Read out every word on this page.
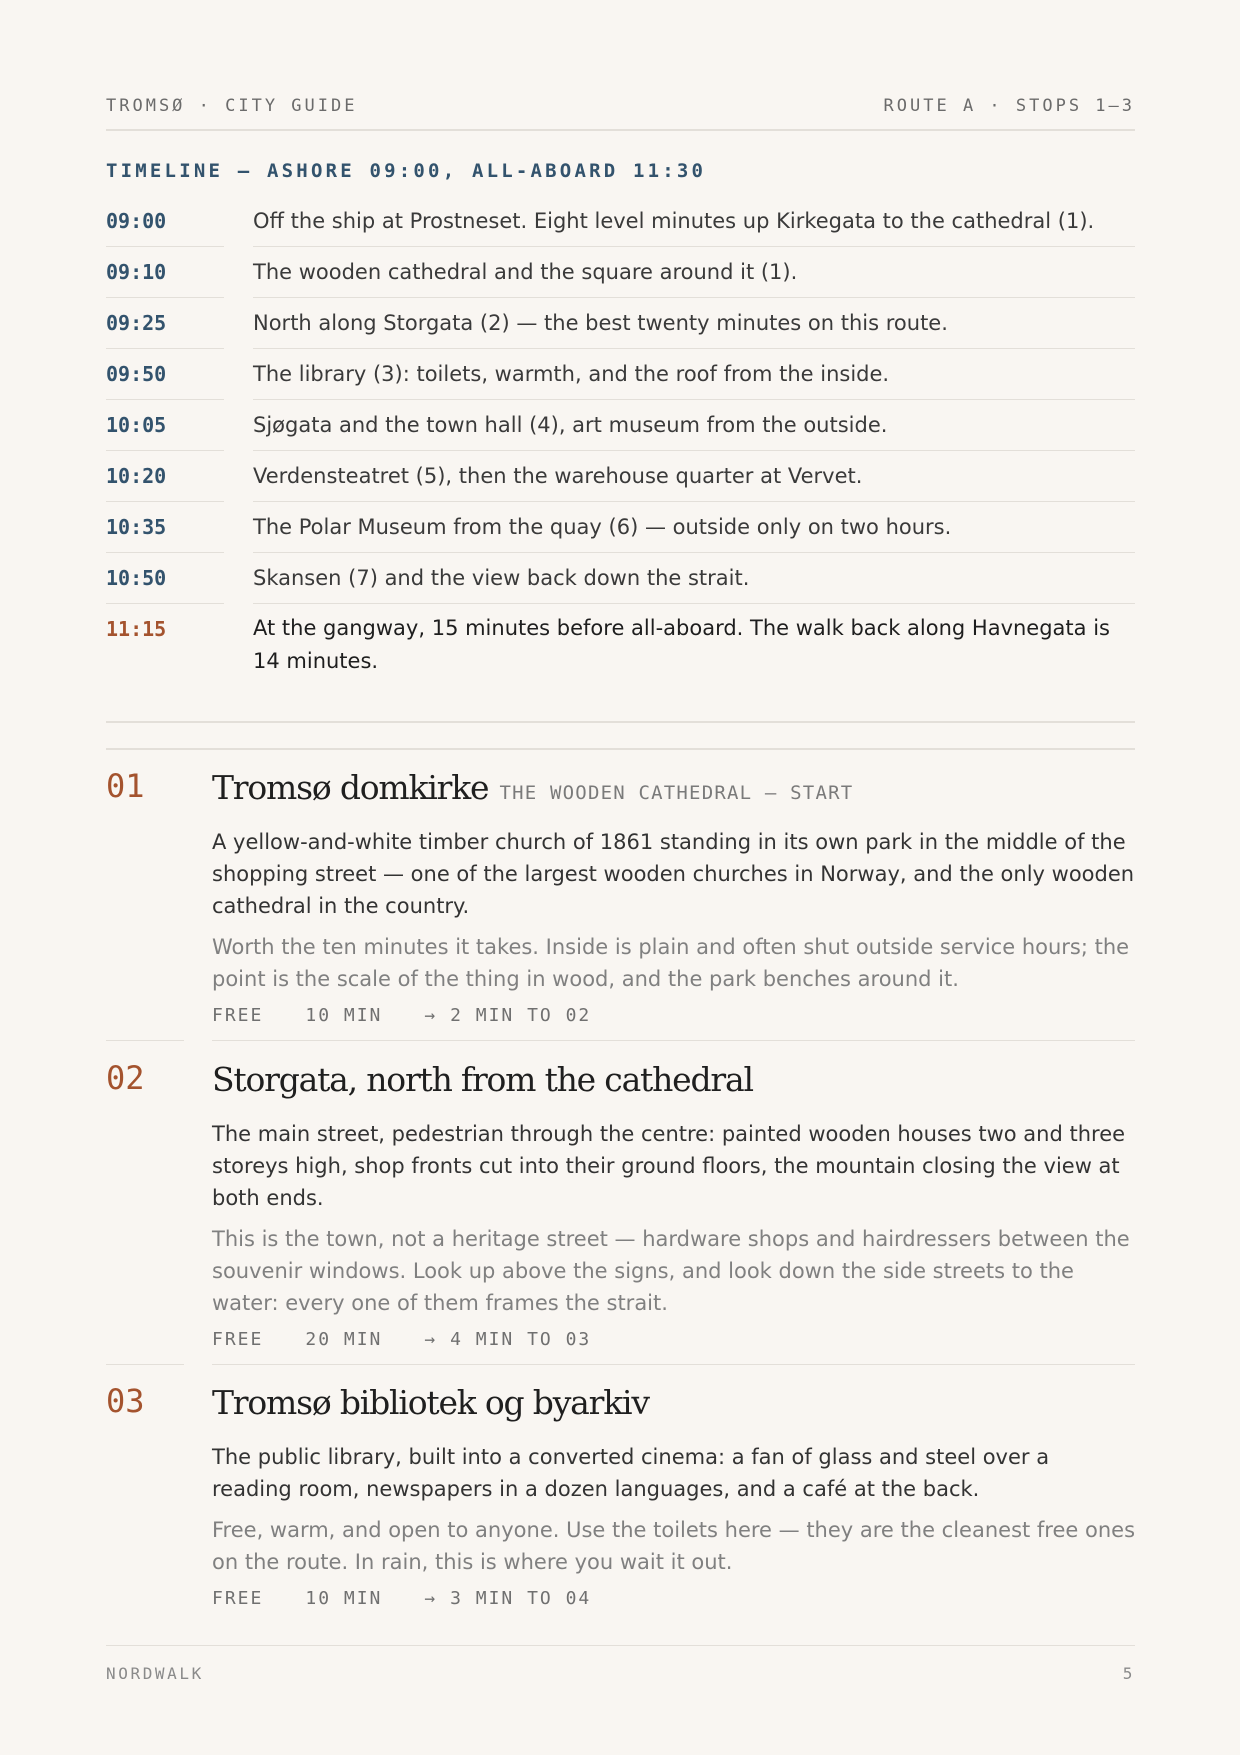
TROMSØ · CITY GUIDE	ROUTE A · STOPS 1–3
TIMELINE — ASHORE 09:00, ALL-ABOARD 11:30
09:00	Off the ship at Prostneset. Eight level minutes up Kirkegata to the cathedral (1).
09:10	The wooden cathedral and the square around it (1).
09:25	North along Storgata (2) — the best twenty minutes on this route.
09:50	The library (3): toilets, warmth, and the roof from the inside.
10:05	Sjøgata and the town hall (4), art museum from the outside.
10:20	Verdensteatret (5), then the warehouse quarter at Vervet.
10:35	The Polar Museum from the quay (6) — outside only on two hours.
10:50	Skansen (7) and the view back down the strait.
11:15	At the gangway, 15 minutes before all-aboard. The walk back along Havnegata is 14 minutes.
01	Tromsø domkirke THE WOODEN CATHEDRAL — START
A yellow-and-white timber church of 1861 standing in its own park in the middle of the shopping street — one of the largest wooden churches in Norway, and the only wooden cathedral in the country.
Worth the ten minutes it takes. Inside is plain and often shut outside service hours; the point is the scale of the thing in wood, and the park benches around it.
FREE 10 MIN → 2 MIN TO 02
02	Storgata, north from the cathedral
The main street, pedestrian through the centre: painted wooden houses two and three storeys high, shop fronts cut into their ground floors, the mountain closing the view at both ends.
This is the town, not a heritage street — hardware shops and hairdressers between the souvenir windows. Look up above the signs, and look down the side streets to the water: every one of them frames the strait.
FREE 20 MIN → 4 MIN TO 03
03	Tromsø bibliotek og byarkiv
The public library, built into a converted cinema: a fan of glass and steel over a reading room, newspapers in a dozen languages, and a café at the back.
Free, warm, and open to anyone. Use the toilets here — they are the cleanest free ones on the route. In rain, this is where you wait it out.
FREE 10 MIN → 3 MIN TO 04
NORDWALK	5
